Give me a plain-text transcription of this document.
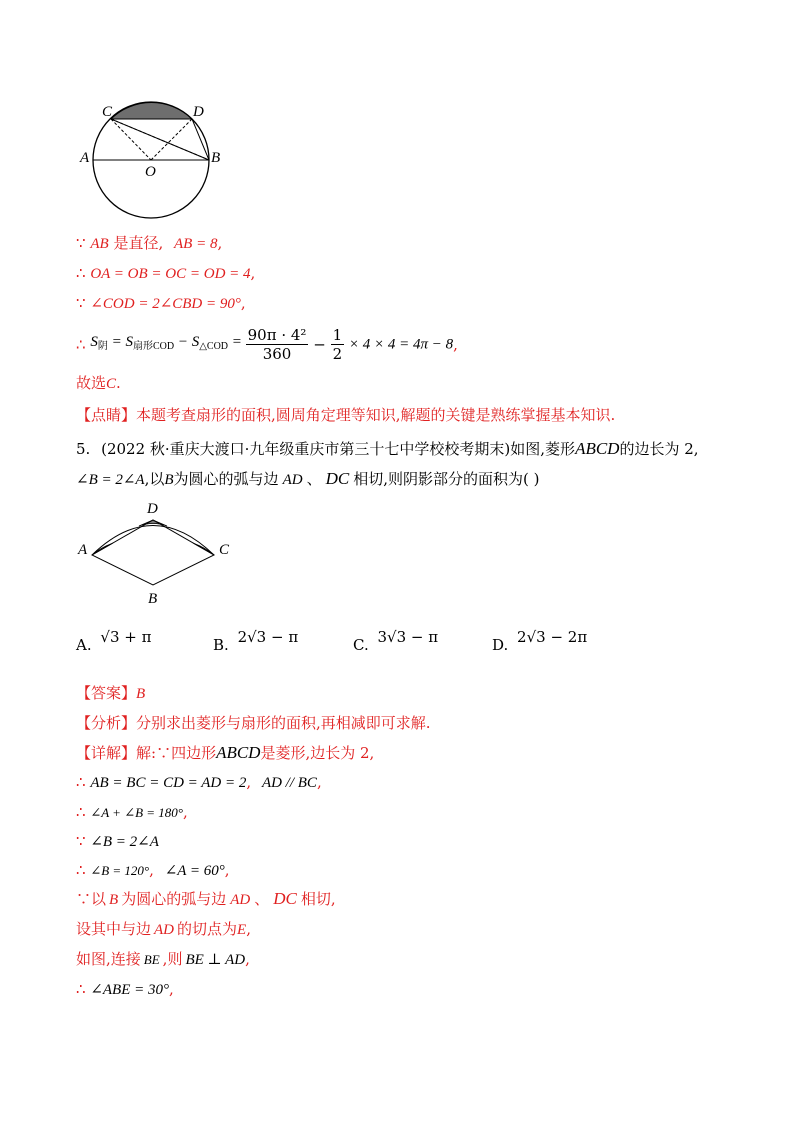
C	D
A
O
B
∵ AB 是直径, AB = 8,
∴ OA = OB = OC = OD = 4,
∵ ∠COD = 2∠CBD = 90°,
∴ $S_阴 = S_{扇形COD} - S_{\triangle COD} = \frac{\text{90π · 4²}}{360} - \frac{1}{2} \times 4 \times 4 = 4\pi - 8$,
故选C.
【点睛】本题考查扇形的面积,圆周角定理等知识,解题的关键是熟练掌握基本知识.
5. (2022 秋·重庆大渡口·九年级重庆市第三十七中学校校考期末)如图,菱形ABCD的边长为 2,
∠B = 2∠A,以B为圆心的弧与边 AD 、 DC 相切,则阴影部分的面积为( )
D
A	C
B
A. √3 + π	B. 2√3 − π	C. 3√3 − π	D. 2√3 − 2π
【答案】B
【分析】分别求出菱形与扇形的面积,再相减即可求解.
【详解】解:∵四边形ABCD是菱形,边长为 2,
∴ AB = BC = CD = AD = 2, AD // BC,
∴ ∠A + ∠B = 180°,
∵ ∠B = 2∠A
∴ ∠B = 120°, ∠A = 60°,
∵以 B 为圆心的弧与边 AD 、 DC 相切,
设其中与边 AD 的切点为E,
如图,连接 BE ,则 BE ⊥ AD,
∴ ∠ABE = 30°,
